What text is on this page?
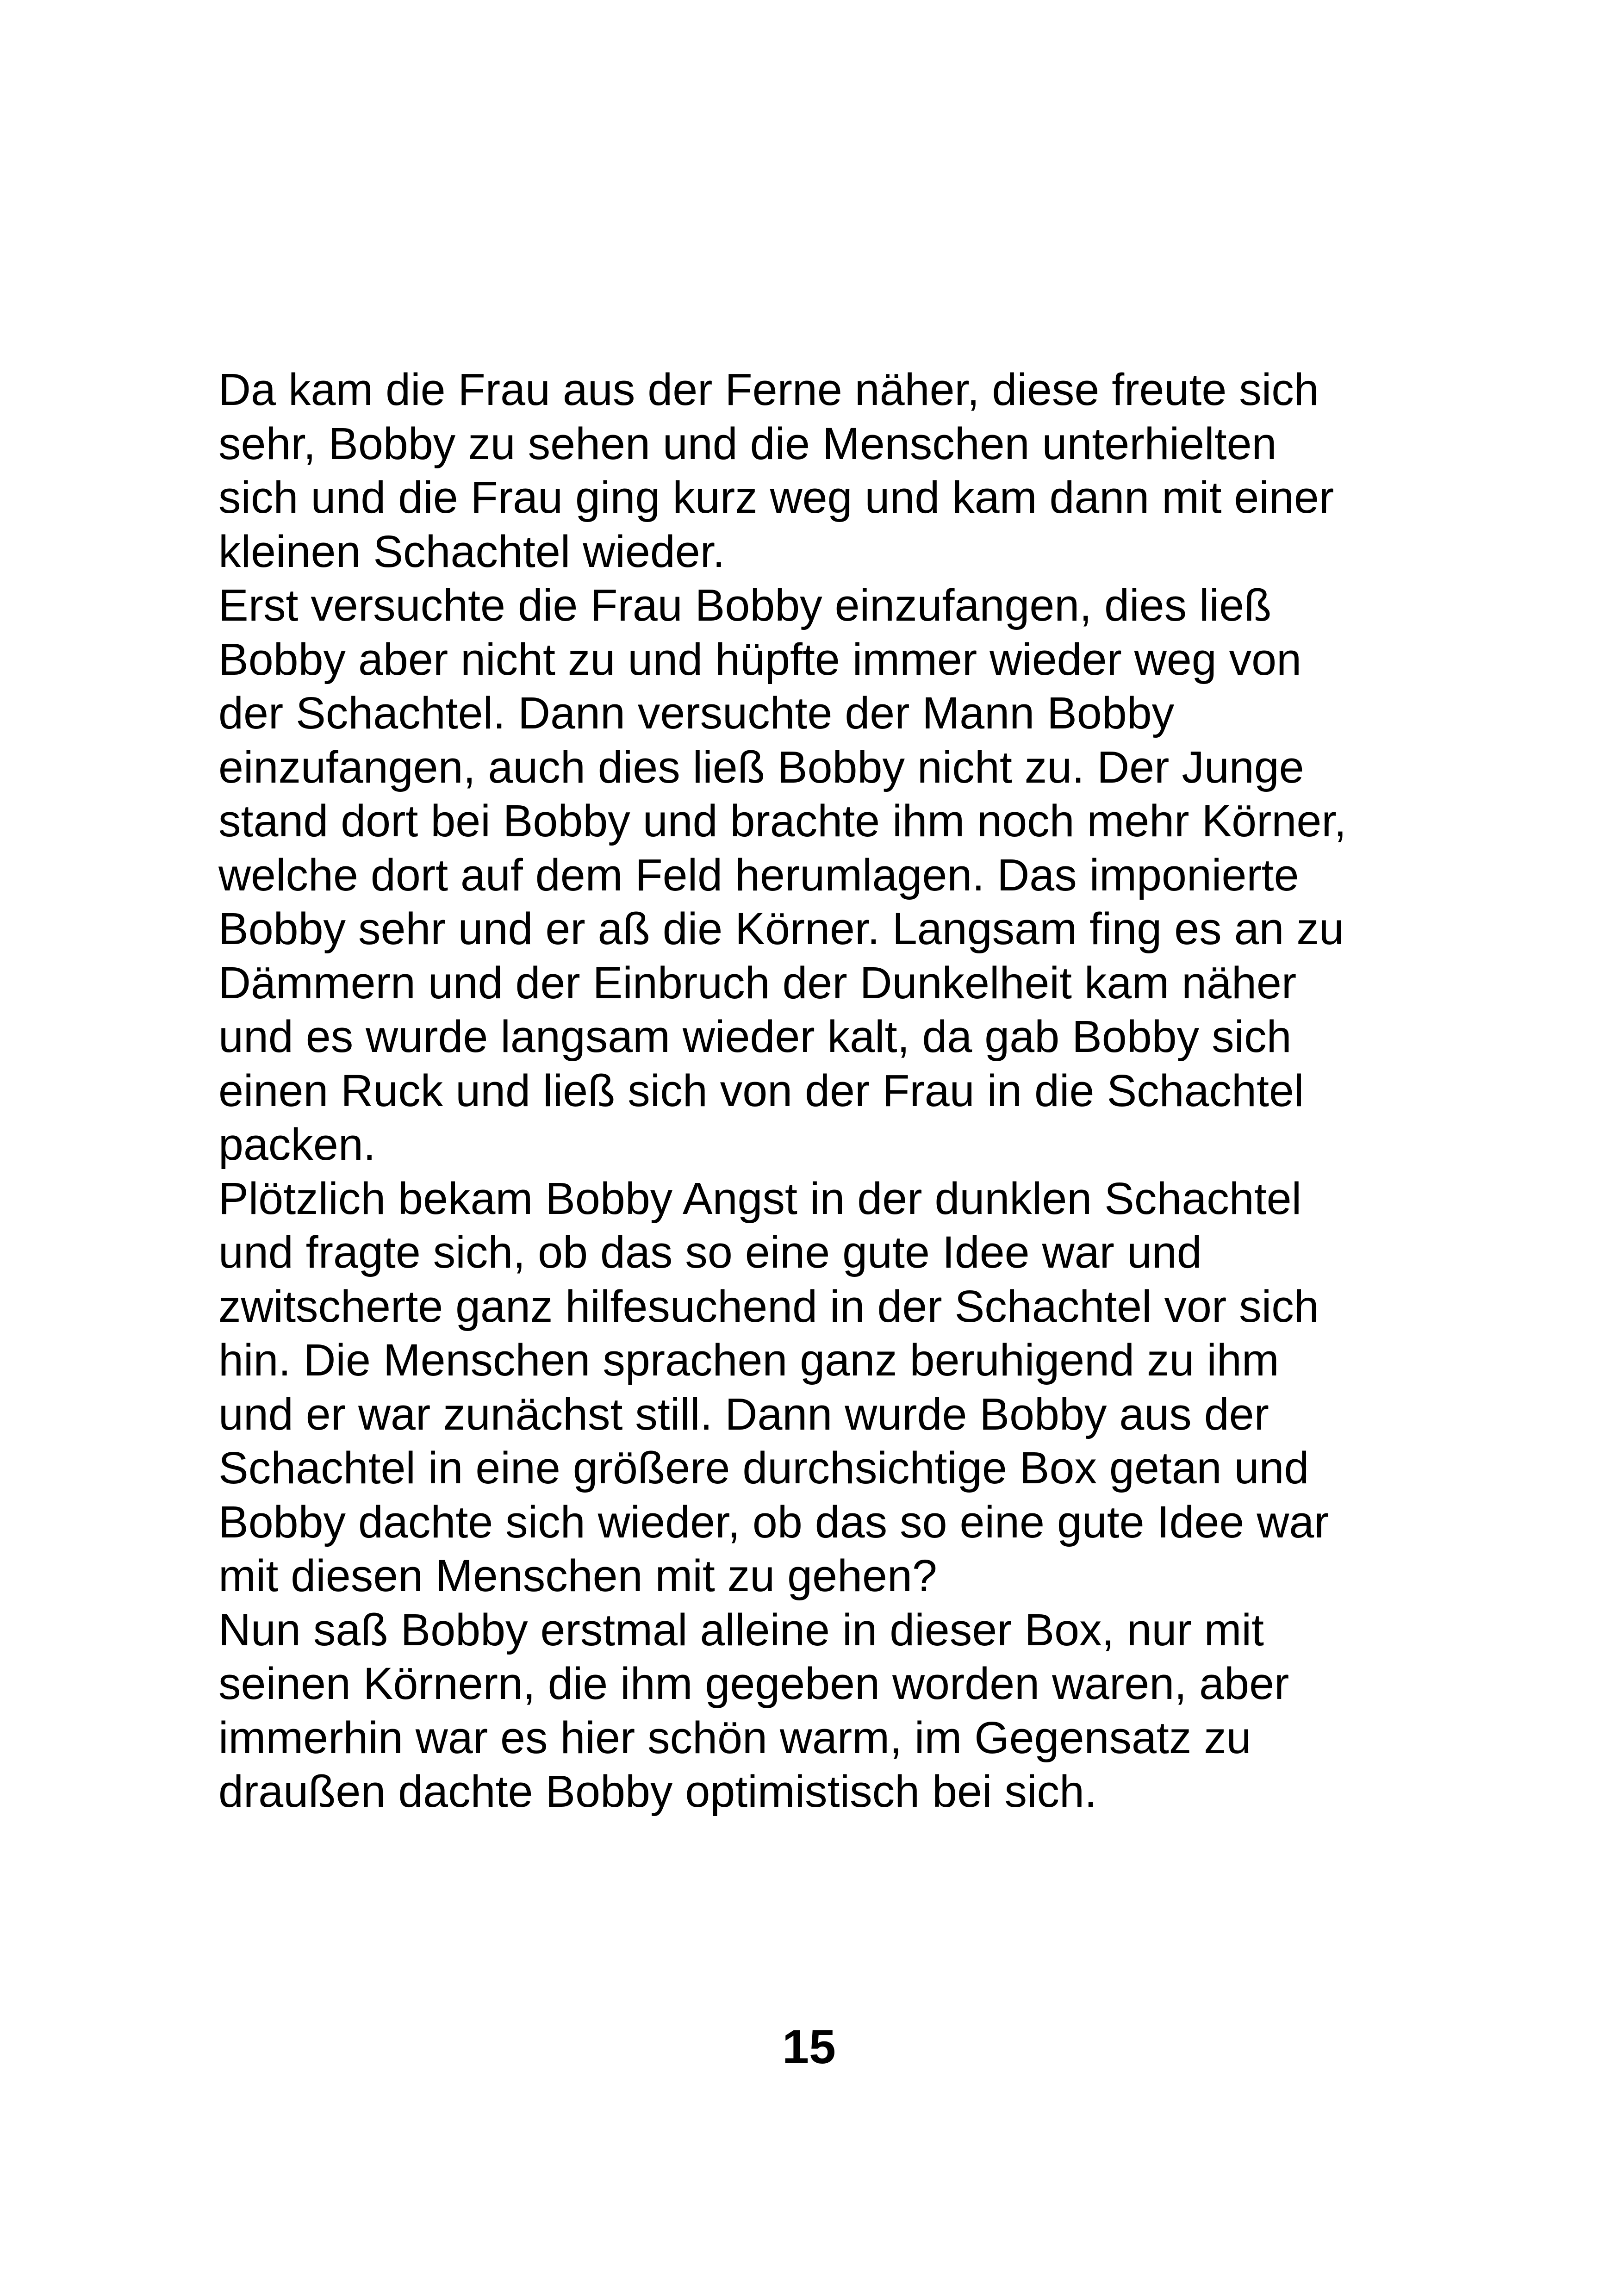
Da kam die Frau aus der Ferne näher, diese freute sich
sehr, Bobby zu sehen und die Menschen unterhielten
sich und die Frau ging kurz weg und kam dann mit einer
kleinen Schachtel wieder.
Erst versuchte die Frau Bobby einzufangen, dies ließ
Bobby aber nicht zu und hüpfte immer wieder weg von
der Schachtel. Dann versuchte der Mann Bobby
einzufangen, auch dies ließ Bobby nicht zu. Der Junge
stand dort bei Bobby und brachte ihm noch mehr Körner,
welche dort auf dem Feld herumlagen. Das imponierte
Bobby sehr und er aß die Körner. Langsam fing es an zu
Dämmern und der Einbruch der Dunkelheit kam näher
und es wurde langsam wieder kalt, da gab Bobby sich
einen Ruck und ließ sich von der Frau in die Schachtel
packen.
Plötzlich bekam Bobby Angst in der dunklen Schachtel
und fragte sich, ob das so eine gute Idee war und
zwitscherte ganz hilfesuchend in der Schachtel vor sich
hin. Die Menschen sprachen ganz beruhigend zu ihm
und er war zunächst still. Dann wurde Bobby aus der
Schachtel in eine größere durchsichtige Box getan und
Bobby dachte sich wieder, ob das so eine gute Idee war
mit diesen Menschen mit zu gehen?
Nun saß Bobby erstmal alleine in dieser Box, nur mit
seinen Körnern, die ihm gegeben worden waren, aber
immerhin war es hier schön warm, im Gegensatz zu
draußen dachte Bobby optimistisch bei sich.
15
